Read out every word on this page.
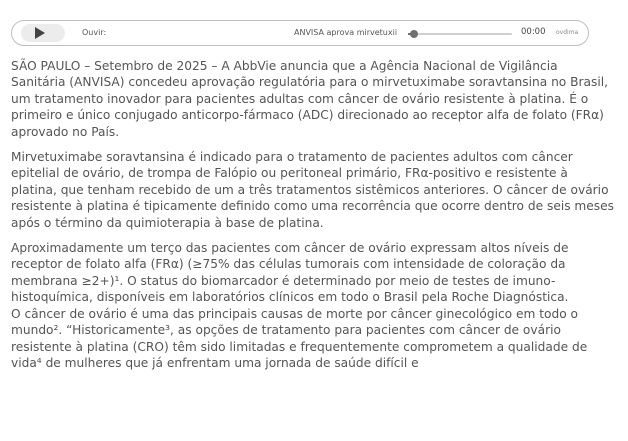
Ouvir:	ANVISA aprova mirvetuxii	00:00 ovdima

SÃO PAULO – Setembro de 2025 – A AbbVie anuncia que a Agência Nacional de Vigilância Sanitária (ANVISA) concedeu aprovação regulatória para o mirvetuximabe soravtansina no Brasil, um tratamento inovador para pacientes adultas com câncer de ovário resistente à platina. É o primeiro e único conjugado anticorpo-fármaco (ADC) direcionado ao receptor alfa de folato (FRα) aprovado no País.

Mirvetuximabe soravtansina é indicado para o tratamento de pacientes adultos com câncer epitelial de ovário, de trompa de Falópio ou peritoneal primário, FRα-positivo e resistente à platina, que tenham recebido de um a três tratamentos sistêmicos anteriores. O câncer de ovário resistente à platina é tipicamente definido como uma recorrência que ocorre dentro de seis meses após o término da quimioterapia à base de platina.

Aproximadamente um terço das pacientes com câncer de ovário expressam altos níveis de receptor de folato alfa (FRα) (≥75% das células tumorais com intensidade de coloração da membrana ≥2+)¹. O status do biomarcador é determinado por meio de testes de imuno-histoquímica, disponíveis em laboratórios clínicos em todo o Brasil pela Roche Diagnóstica.

O câncer de ovário é uma das principais causas de morte por câncer ginecológico em todo o mundo². “Historicamente³, as opções de tratamento para pacientes com câncer de ovário resistente à platina (CRO) têm sido limitadas e frequentemente comprometem a qualidade de vida⁴ de mulheres que já enfrentam uma jornada de saúde difícil e
